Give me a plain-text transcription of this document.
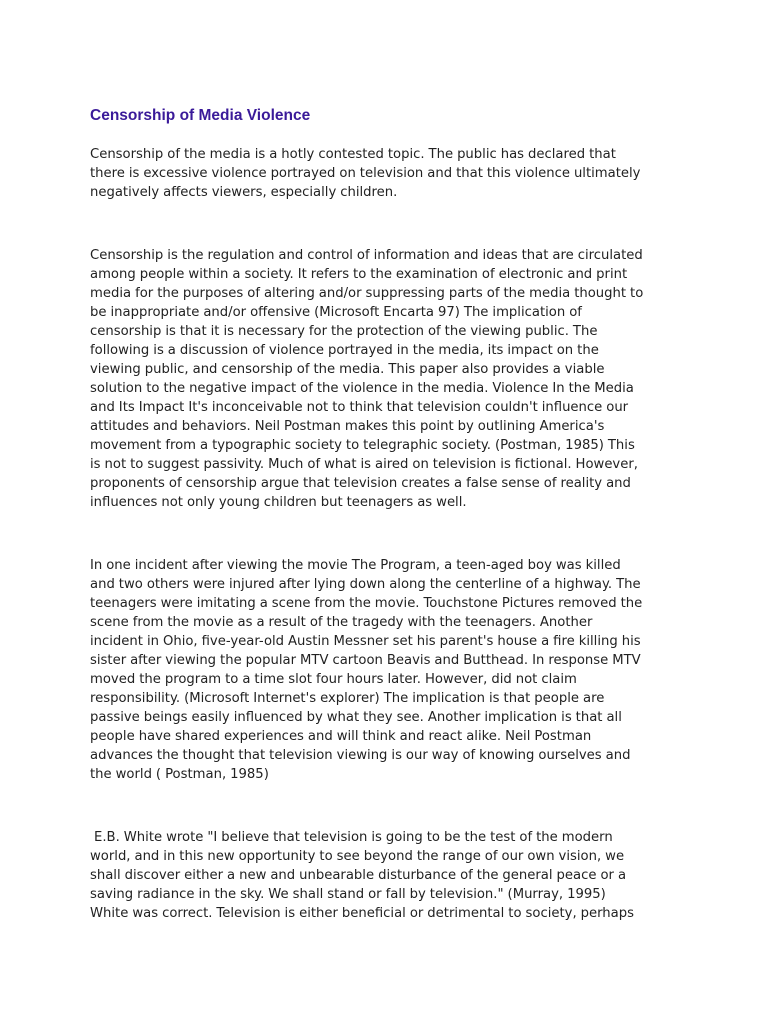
Censorship of Media Violence

Censorship of the media is a hotly contested topic. The public has declared that
there is excessive violence portrayed on television and that this violence ultimately
negatively affects viewers, especially children.

Censorship is the regulation and control of information and ideas that are circulated
among people within a society. It refers to the examination of electronic and print
media for the purposes of altering and/or suppressing parts of the media thought to
be inappropriate and/or offensive (Microsoft Encarta 97) The implication of
censorship is that it is necessary for the protection of the viewing public. The
following is a discussion of violence portrayed in the media, its impact on the
viewing public, and censorship of the media. This paper also provides a viable
solution to the negative impact of the violence in the media. Violence In the Media
and Its Impact It's inconceivable not to think that television couldn't influence our
attitudes and behaviors. Neil Postman makes this point by outlining America's
movement from a typographic society to telegraphic society. (Postman, 1985) This
is not to suggest passivity. Much of what is aired on television is fictional. However,
proponents of censorship argue that television creates a false sense of reality and
influences not only young children but teenagers as well.

In one incident after viewing the movie The Program, a teen-aged boy was killed
and two others were injured after lying down along the centerline of a highway. The
teenagers were imitating a scene from the movie. Touchstone Pictures removed the
scene from the movie as a result of the tragedy with the teenagers. Another
incident in Ohio, five-year-old Austin Messner set his parent's house a fire killing his
sister after viewing the popular MTV cartoon Beavis and Butthead. In response MTV
moved the program to a time slot four hours later. However, did not claim
responsibility. (Microsoft Internet's explorer) The implication is that people are
passive beings easily influenced by what they see. Another implication is that all
people have shared experiences and will think and react alike. Neil Postman
advances the thought that television viewing is our way of knowing ourselves and
the world ( Postman, 1985)

E.B. White wrote "I believe that television is going to be the test of the modern
world, and in this new opportunity to see beyond the range of our own vision, we
shall discover either a new and unbearable disturbance of the general peace or a
saving radiance in the sky. We shall stand or fall by television." (Murray, 1995)
White was correct. Television is either beneficial or detrimental to society, perhaps
